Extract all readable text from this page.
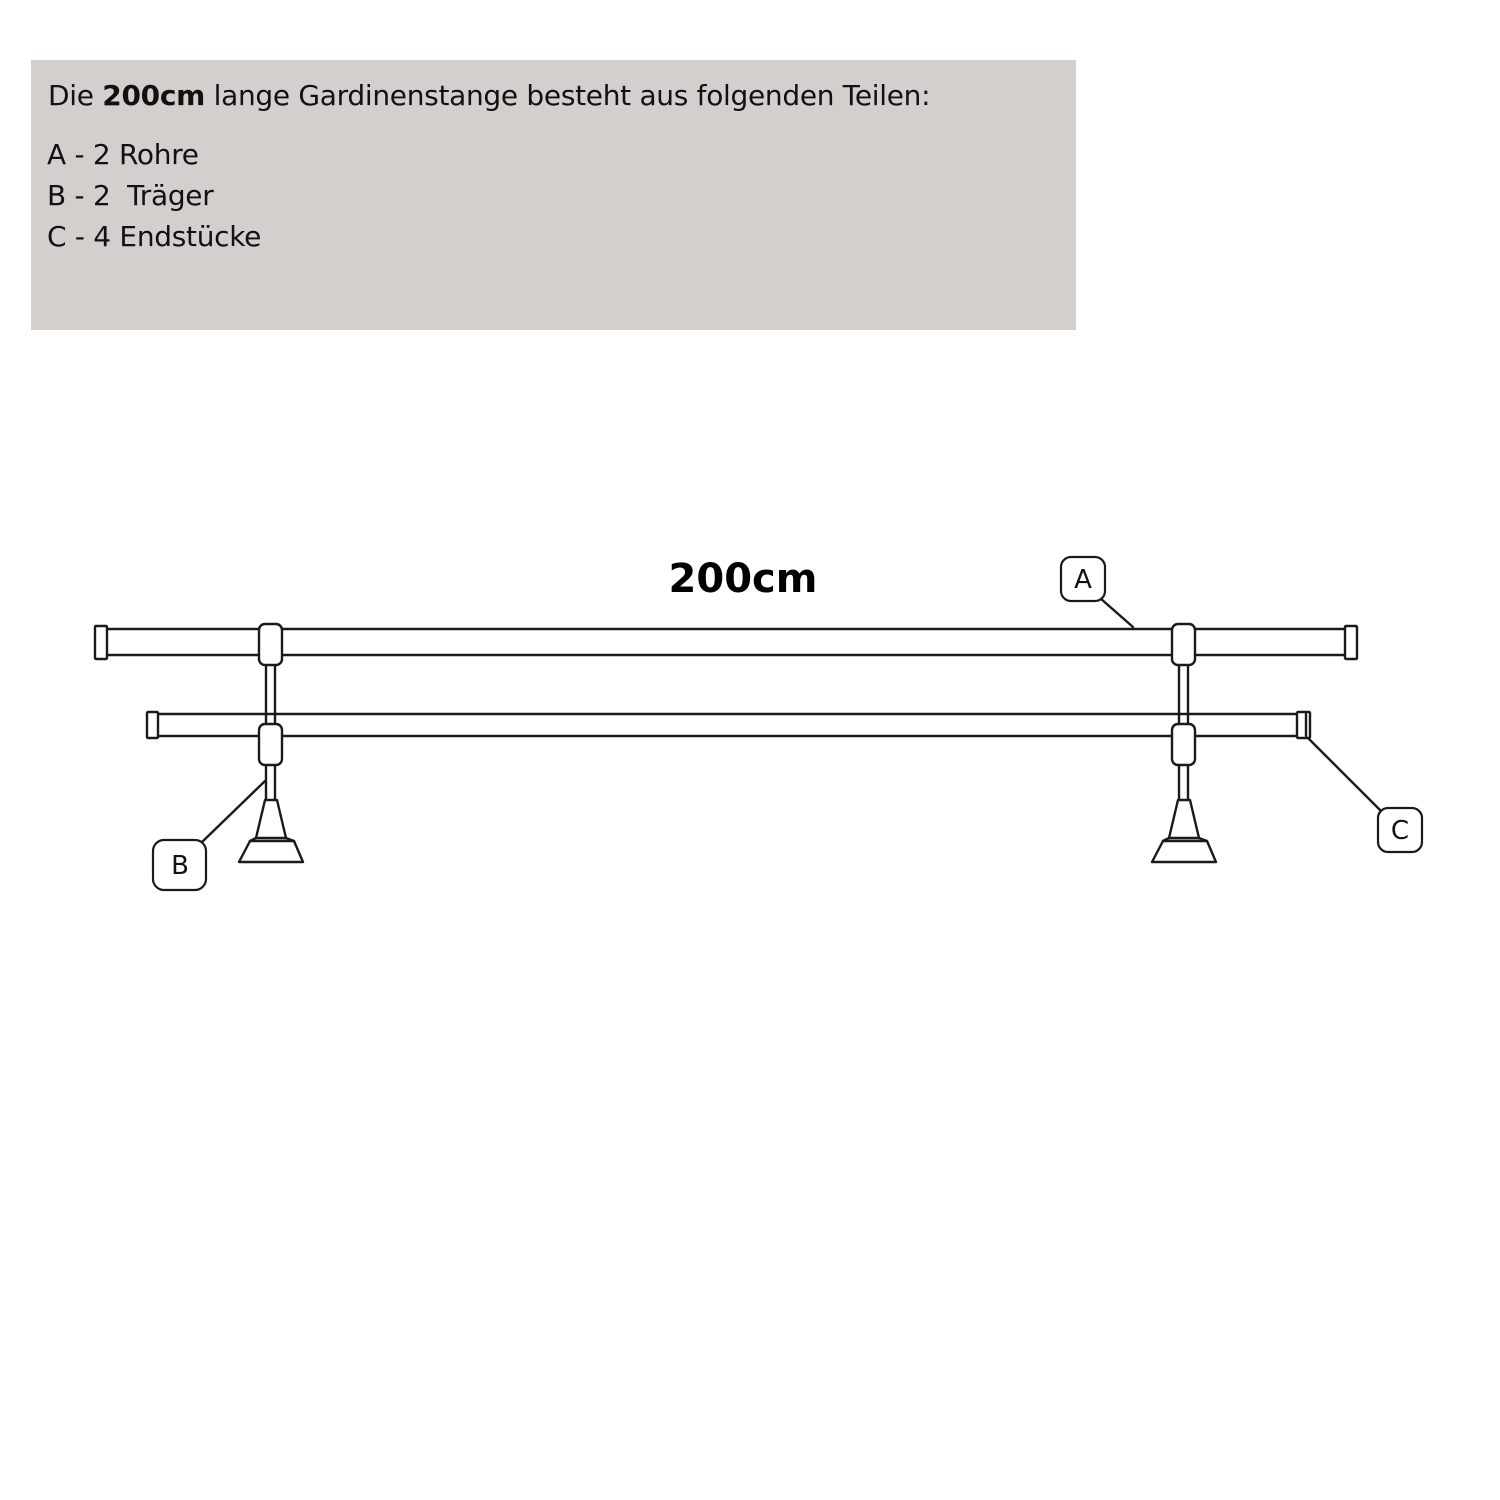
Die 200cm lange Gardinenstange besteht aus folgenden Teilen:
A - 2 Rohre
B - 2 Träger
C - 4 Endstücke
200cm	A
B
C
